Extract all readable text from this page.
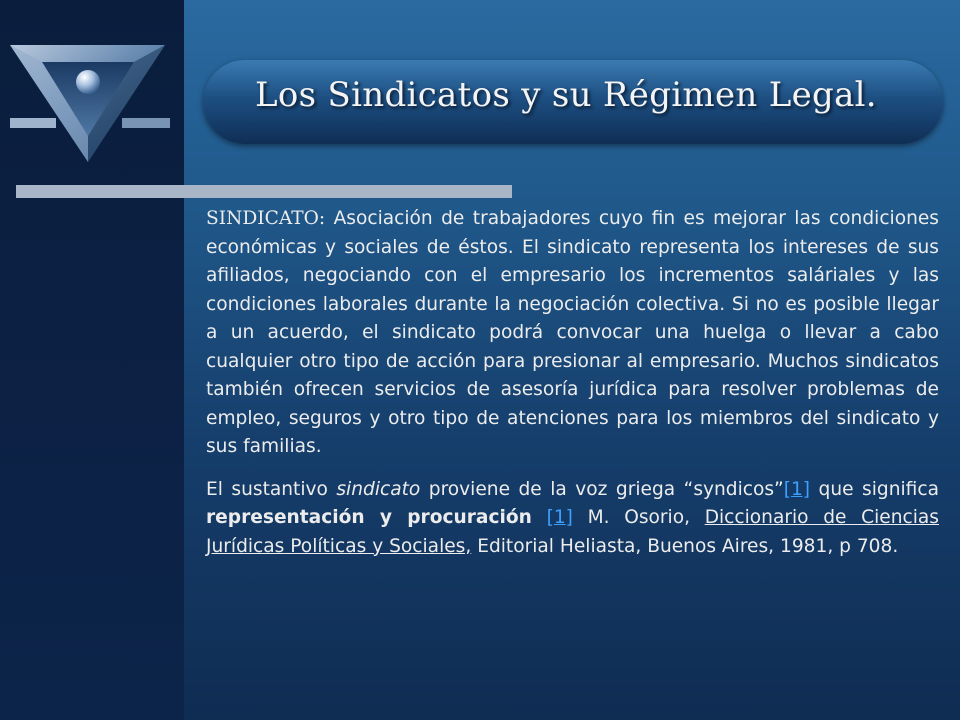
Los Sindicatos y su Régimen Legal.

SINDICATO: Asociación de trabajadores cuyo fin es mejorar las condiciones económicas y sociales de éstos. El sindicato representa los intereses de sus afiliados, negociando con el empresario los incrementos saláriales y las condiciones laborales durante la negociación colectiva. Si no es posible llegar a un acuerdo, el sindicato podrá convocar una huelga o llevar a cabo cualquier otro tipo de acción para presionar al empresario. Muchos sindicatos también ofrecen servicios de asesoría jurídica para resolver problemas de empleo, seguros y otro tipo de atenciones para los miembros del sindicato y sus familias.

El sustantivo sindicato proviene de la voz griega “syndicos”[1] que significa representación y procuración [1] M. Osorio, Diccionario de Ciencias Jurídicas Políticas y Sociales, Editorial Heliasta, Buenos Aires, 1981, p 708.
